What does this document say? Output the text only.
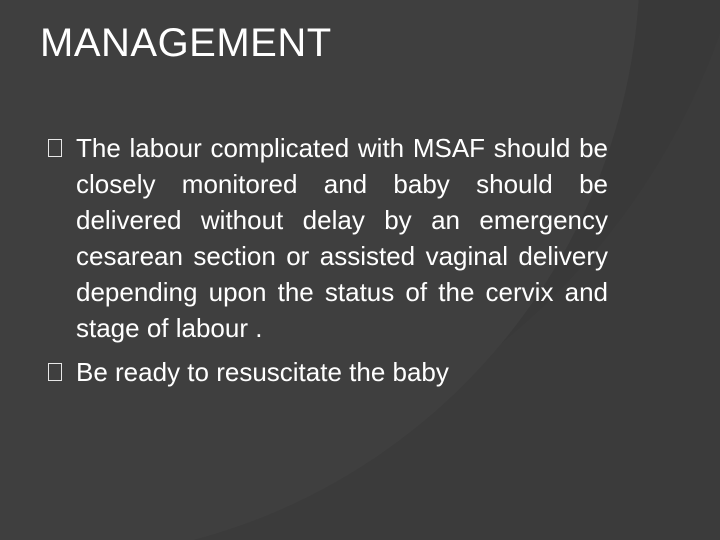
MANAGEMENT
The labour complicated with MSAF should be closely monitored and baby should be delivered without delay by an emergency cesarean section or assisted vaginal delivery depending upon the status of the cervix and stage of labour .
Be ready to resuscitate the baby
